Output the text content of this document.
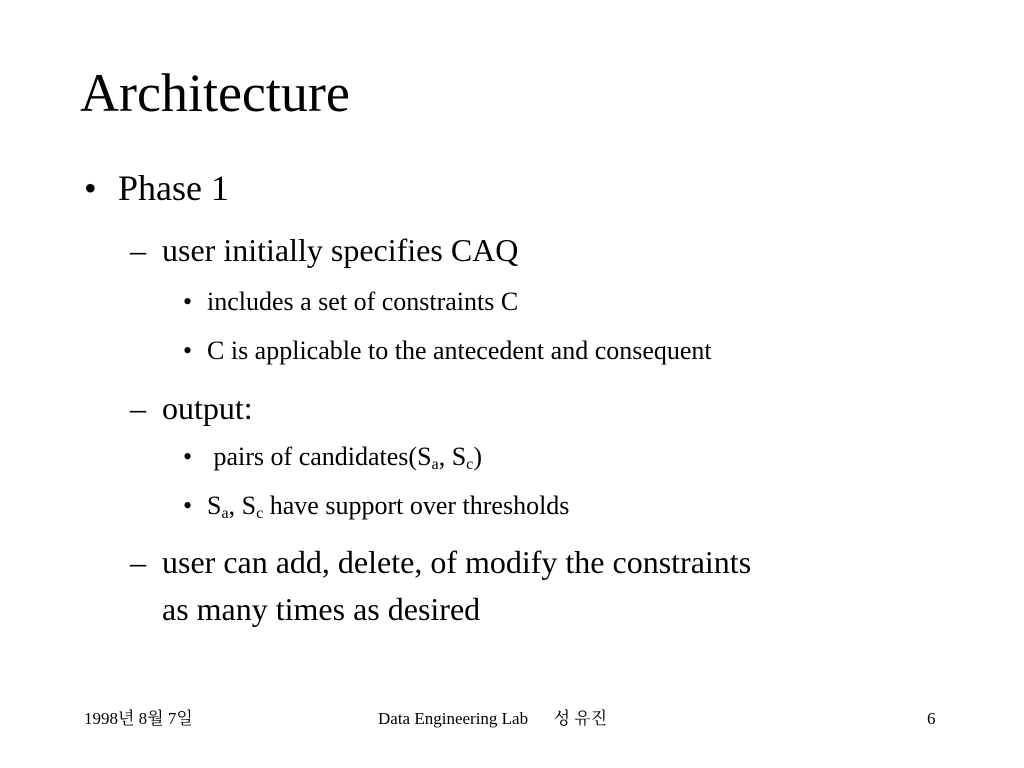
Architecture
• Phase 1
– user initially specifies CAQ
• includes a set of constraints C
• C is applicable to the antecedent and consequent
– output:
• pairs of $candidates(S_a$, $S_c$)
• $S_a$, $S_c$ have support over thresholds
– user can add, delete, of modify the constraints
as many times as desired
1998년 8월 7일	Data Engineering Lab      성 유진	6
